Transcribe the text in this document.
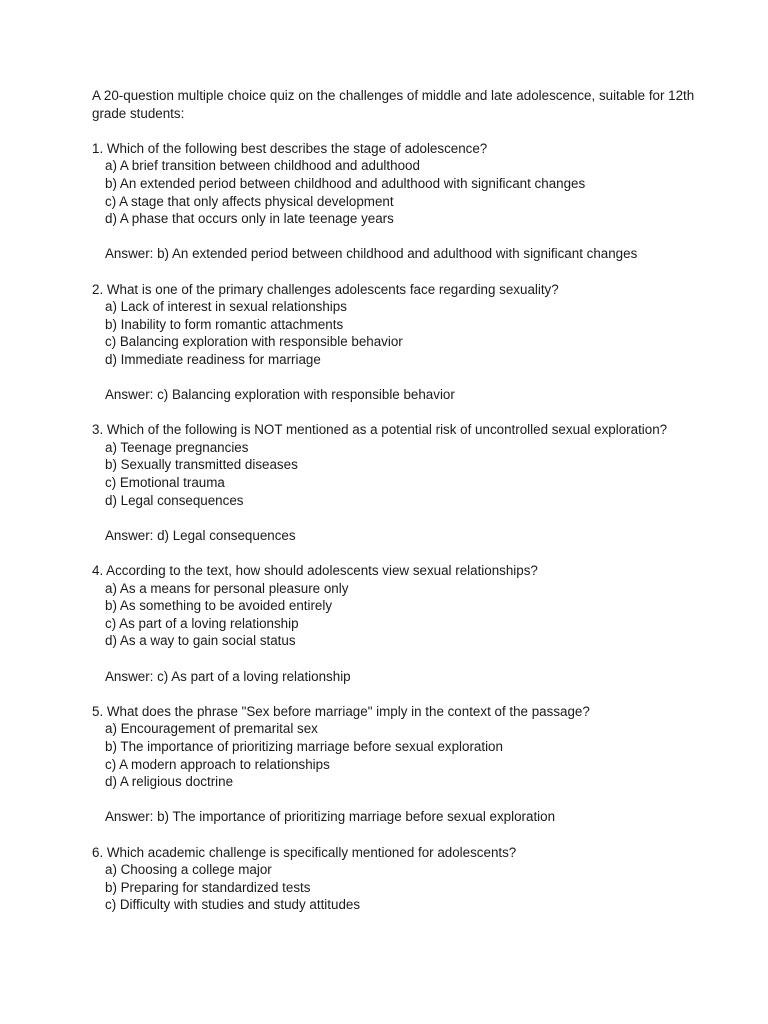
A 20-question multiple choice quiz on the challenges of middle and late adolescence, suitable for 12th grade students:

1. Which of the following best describes the stage of adolescence?

a) A brief transition between childhood and adulthood

b) An extended period between childhood and adulthood with significant changes

c) A stage that only affects physical development

d) A phase that occurs only in late teenage years

Answer: b) An extended period between childhood and adulthood with significant changes

2. What is one of the primary challenges adolescents face regarding sexuality?

a) Lack of interest in sexual relationships

b) Inability to form romantic attachments

c) Balancing exploration with responsible behavior

d) Immediate readiness for marriage

Answer: c) Balancing exploration with responsible behavior

3. Which of the following is NOT mentioned as a potential risk of uncontrolled sexual exploration?

a) Teenage pregnancies

b) Sexually transmitted diseases

c) Emotional trauma

d) Legal consequences

Answer: d) Legal consequences

4. According to the text, how should adolescents view sexual relationships?

a) As a means for personal pleasure only

b) As something to be avoided entirely

c) As part of a loving relationship

d) As a way to gain social status

Answer: c) As part of a loving relationship

5. What does the phrase "Sex before marriage" imply in the context of the passage?

a) Encouragement of premarital sex

b) The importance of prioritizing marriage before sexual exploration

c) A modern approach to relationships

d) A religious doctrine

Answer: b) The importance of prioritizing marriage before sexual exploration

6. Which academic challenge is specifically mentioned for adolescents?

a) Choosing a college major

b) Preparing for standardized tests

c) Difficulty with studies and study attitudes
